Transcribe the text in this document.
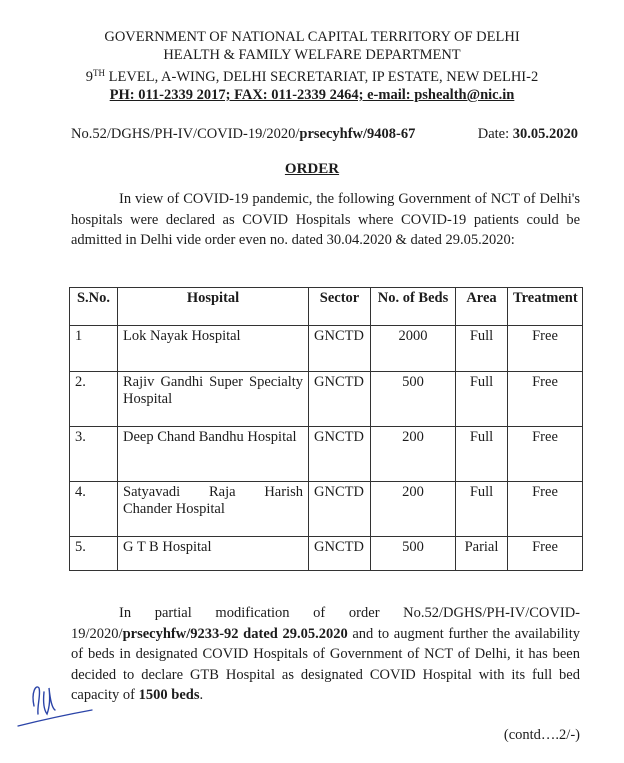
GOVERNMENT OF NATIONAL CAPITAL TERRITORY OF DELHI
HEALTH & FAMILY WELFARE DEPARTMENT
9TH LEVEL, A-WING, DELHI SECRETARIAT, IP ESTATE, NEW DELHI-2
PH: 011-2339 2017; FAX: 011-2339 2464; e-mail: pshealth@nic.in
No.52/DGHS/PH-IV/COVID-19/2020/prsecyhfw/9408-67	Date: 30.05.2020
ORDER

In view of COVID-19 pandemic, the following Government of NCT of Delhi's hospitals were declared as COVID Hospitals where COVID-19 patients could be admitted in Delhi vide order even no. dated 30.04.2020 & dated 29.05.2020:

S.No.	Hospital	Sector	No. of Beds	Area	Treatment
1	Lok Nayak Hospital	GNCTD	2000	Full	Free
2.	Rajiv Gandhi Super Specialty Hospital	GNCTD	500	Full	Free
3.	Deep Chand Bandhu Hospital	GNCTD	200	Full	Free
4.	Satyavadi Raja Harish Chander Hospital	GNCTD	200	Full	Free
5.	G T B Hospital	GNCTD	500	Parial	Free

In partial modification of order No.52/DGHS/PH-IV/COVID-19/2020/prsecyhfw/9233-92 dated 29.05.2020 and to augment further the availability of beds in designated COVID Hospitals of Government of NCT of Delhi, it has been decided to declare GTB Hospital as designated COVID Hospital with its full bed capacity of 1500 beds.

(contd….2/-)
